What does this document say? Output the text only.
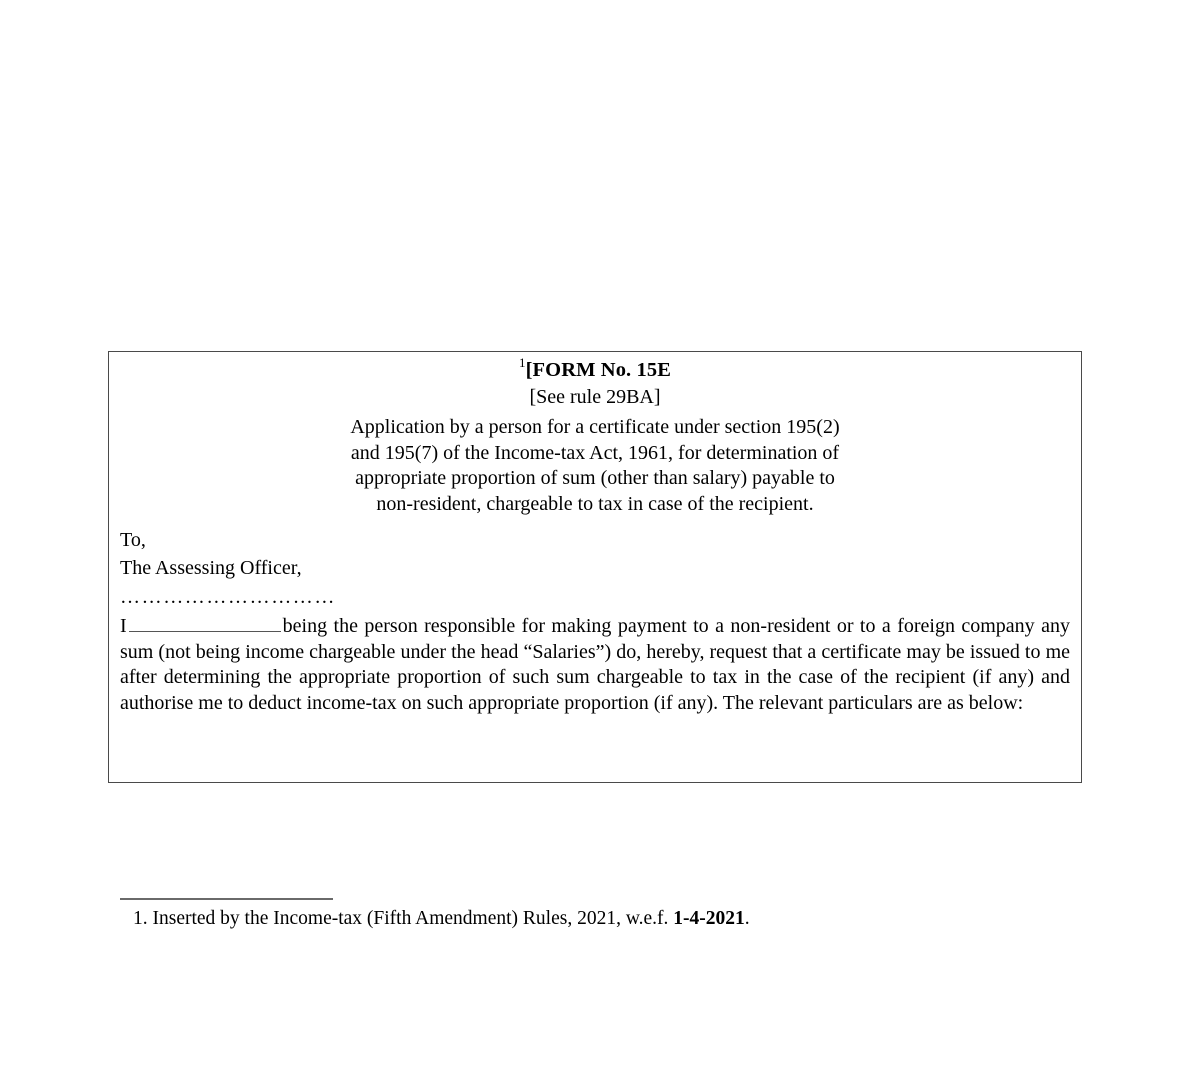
$^1$[FORM No. 15E
[See rule 29BA]
Application by a person for a certificate under section 195(2)
and 195(7) of the Income-tax Act, 1961, for determination of
appropriate proportion of sum (other than salary) payable to
non-resident, chargeable to tax in case of the recipient.
To,
The Assessing Officer,
…………………………
I	being the person responsible for making payment to a non-resident or to a foreign company any sum (not being income chargeable under the head “Salaries”) do, hereby, request that a certificate may be issued to me after determining the appropriate proportion of such sum chargeable to tax in the case of the recipient (if any) and authorise me to deduct income-tax on such appropriate proportion (if any). The relevant particulars are as below:
1. Inserted by the Income-tax (Fifth Amendment) Rules, 2021, w.e.f. 1-4-2021.
